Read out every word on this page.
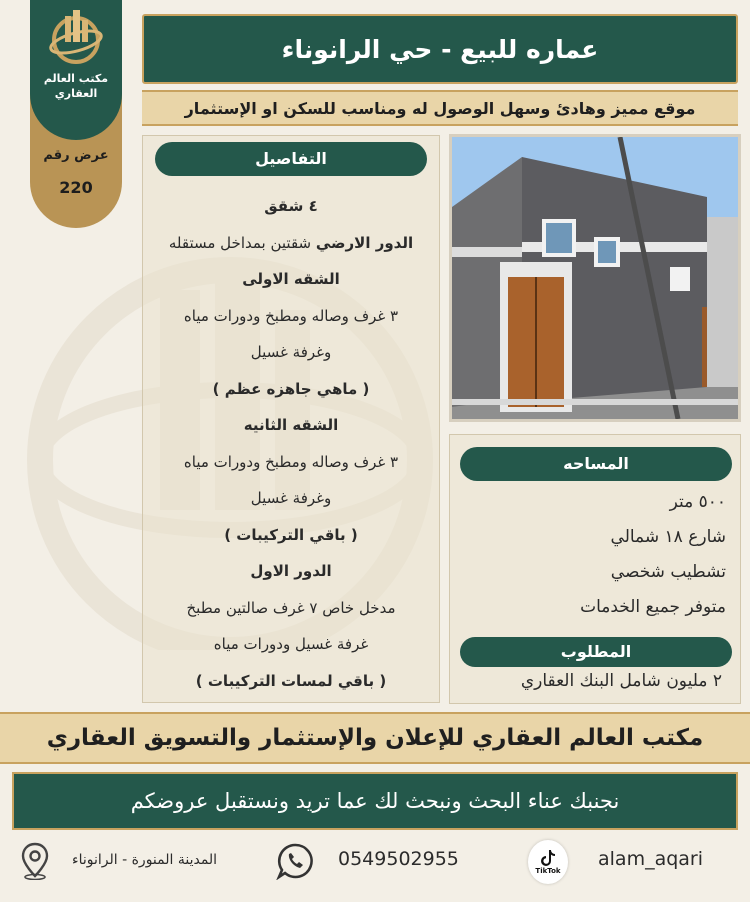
مكتب العالم العقاري
عرض رقم
220
عماره للبيع - حي الرانوناء
موقع مميز وهادئ وسهل الوصول له ومناسب للسكن او الإستثمار
التفاصيل
٤ شقق
الدور الارضي شقتين بمداخل مستقله
الشقه الاولى
٣ غرف وصاله ومطبخ ودورات مياه
وغرفة غسيل
( ماهي جاهزه عظم )
الشقه الثانيه
٣ غرف وصاله ومطبخ ودورات مياه
وغرفة غسيل
( باقي التركيبات )
الدور الاول
مدخل خاص ٧ غرف صالتين مطبخ
غرفة غسيل ودورات مياه
( باقي لمسات التركيبات )
المساحه
٥٠٠ متر
شارع ١٨ شمالي
تشطيب شخصي
متوفر جميع الخدمات
المطلوب
٢ مليون شامل البنك العقاري
مكتب العالم العقاري للإعلان والإستثمار والتسويق العقاري
نجنبك عناء البحث ونبحث لك عما تريد ونستقبل عروضكم
المدينة المنورة - الرانوناء	0549502955
TikTok
alam_aqari
